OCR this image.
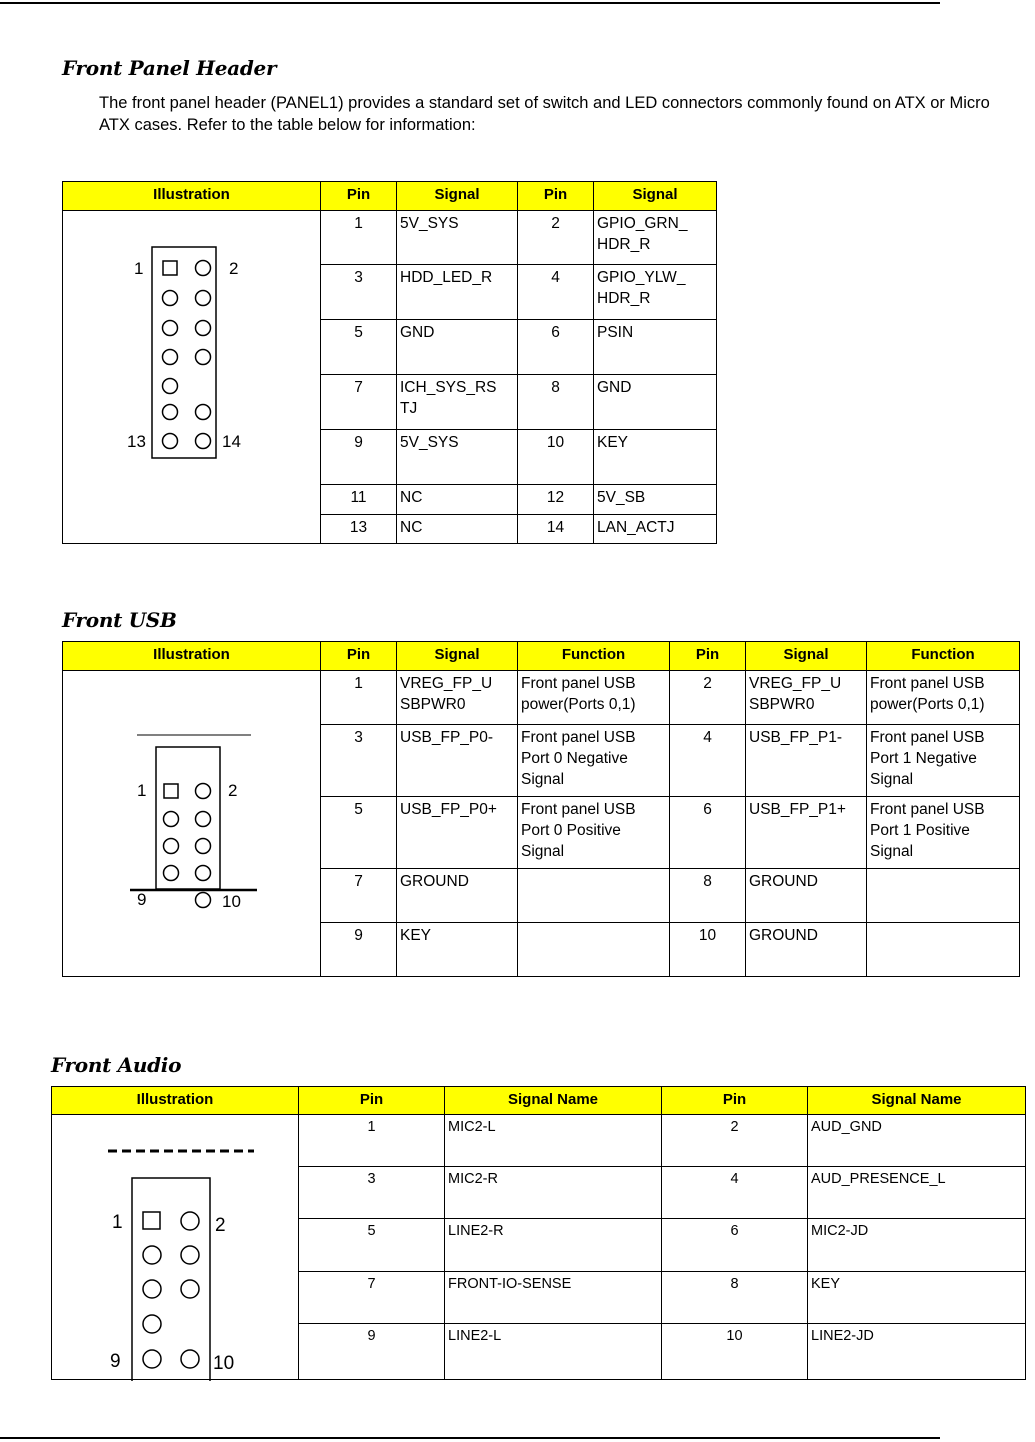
Front Panel Header
The front panel header (PANEL1) provides a standard set of switch and LED connectors commonly found on ATX or Micro ATX cases. Refer to the table below for information:
Illustration	Pin	Signal	Pin	Signal

1 2
13 14	1	5V_SYS	2	GPIO_GRN_ HDR_R
	3	HDD_LED_R	4	GPIO_YLW_ HDR_R
	5	GND	6	PSIN
	7	ICH_SYS_RS TJ	8	GND
	9	5V_SYS	10	KEY
	11	NC	12	5V_SB
	13	NC	14	LAN_ACTJ
Front USB
Illustration	Pin	Signal	Function	Pin	Signal	Function

1 2
9 10	1	VREG_FP_U SBPWR0	Front panel USB power(Ports 0,1)	2	VREG_FP_U SBPWR0	Front panel USB power(Ports 0,1)
	3	USB_FP_P0-	Front panel USB Port 0 Negative Signal	4	USB_FP_P1-	Front panel USB Port 1 Negative Signal
	5	USB_FP_P0+	Front panel USB Port 0 Positive Signal	6	USB_FP_P1+	Front panel USB Port 1 Positive Signal
	7	GROUND		8	GROUND	
	9	KEY		10	GROUND	
Front Audio
Illustration	Pin	Signal Name	Pin	Signal Name

1 2
9 10	1	MIC2-L	2	AUD_GND
	3	MIC2-R	4	AUD_PRESENCE_L
	5	LINE2-R	6	MIC2-JD
	7	FRONT-IO-SENSE	8	KEY
	9	LINE2-L	10	LINE2-JD
